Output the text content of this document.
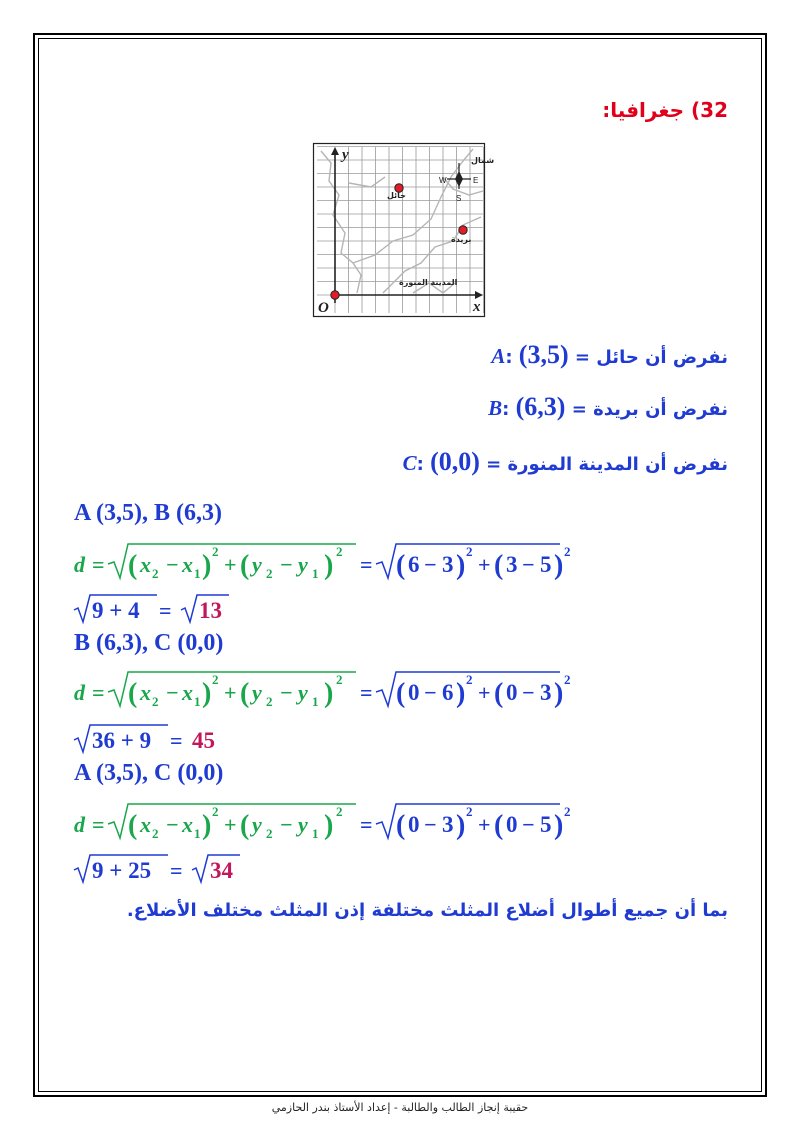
32) جغرافيا:
y
x
O
W	E
S
شمال
حائل
بريدة
المدينة المنورة
نفرض أن حائل = A: (3,5)
نفرض أن بريدة = B: (6,3)
نفرض أن المدينة المنورة = C: (0,0)
A (3,5), B (6,3)
d = ( x 2 − x 1 ) 2
+ ( y 2 − y 1 ) 2
= ( 6 − 3 ) 2
+ ( 3 − 5 ) 2
9 + 4 = 13
B (6,3), C (0,0)
d = ( x 2 − x 1 ) 2
+ ( y 2 − y 1 ) 2
= ( 0 − 6 ) 2
+ ( 0 − 3 ) 2
36 + 9 = 45
A (3,5), C (0,0)
d = ( x 2 − x 1 ) 2
+ ( y 2 − y 1 ) 2
= ( 0 − 3 ) 2
+ ( 0 − 5 ) 2
9 + 25 = 34
بما أن جميع أطوال أضلاع المثلث مختلفة إذن المثلث مختلف الأضلاع.
حقيبة إنجاز الطالب والطالبة - إعداد الأستاذ بندر الحازمي
